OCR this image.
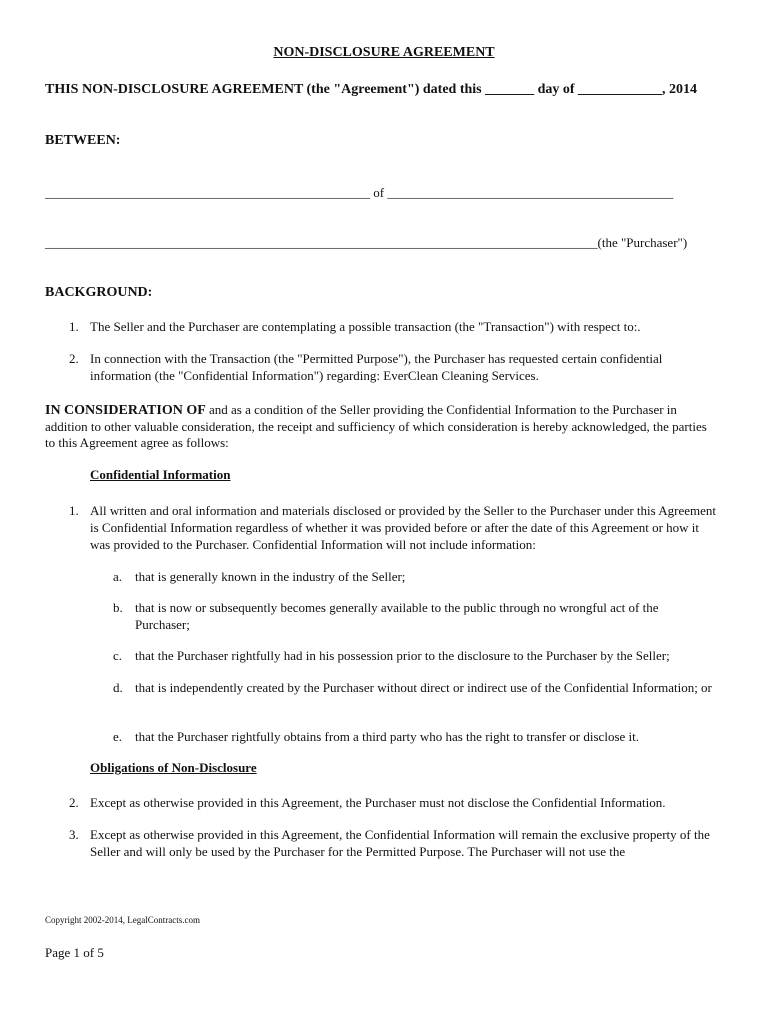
NON-DISCLOSURE AGREEMENT
THIS NON-DISCLOSURE AGREEMENT (the "Agreement") dated this _______ day of ____________, 2014
BETWEEN:
__________________________________________________ of ____________________________________________
_____________________________________________________________________________________(the "Purchaser")
BACKGROUND:
1. The Seller and the Purchaser are contemplating a possible transaction (the "Transaction") with respect to:.
2. In connection with the Transaction (the "Permitted Purpose"), the Purchaser has requested certain confidential information (the "Confidential Information") regarding: EverClean Cleaning Services.
IN CONSIDERATION OF and as a condition of the Seller providing the Confidential Information to the Purchaser in addition to other valuable consideration, the receipt and sufficiency of which consideration is hereby acknowledged, the parties to this Agreement agree as follows:
Confidential Information
1. All written and oral information and materials disclosed or provided by the Seller to the Purchaser under this Agreement is Confidential Information regardless of whether it was provided before or after the date of this Agreement or how it was provided to the Purchaser. Confidential Information will not include information:
a. that is generally known in the industry of the Seller;
b. that is now or subsequently becomes generally available to the public through no wrongful act of the Purchaser;
c. that the Purchaser rightfully had in his possession prior to the disclosure to the Purchaser by the Seller;
d. that is independently created by the Purchaser without direct or indirect use of the Confidential Information; or
e. that the Purchaser rightfully obtains from a third party who has the right to transfer or disclose it.
Obligations of Non-Disclosure
2. Except as otherwise provided in this Agreement, the Purchaser must not disclose the Confidential Information.
3. Except as otherwise provided in this Agreement, the Confidential Information will remain the exclusive property of the Seller and will only be used by the Purchaser for the Permitted Purpose. The Purchaser will not use the
Copyright 2002-2014, LegalContracts.com
Page 1 of 5
